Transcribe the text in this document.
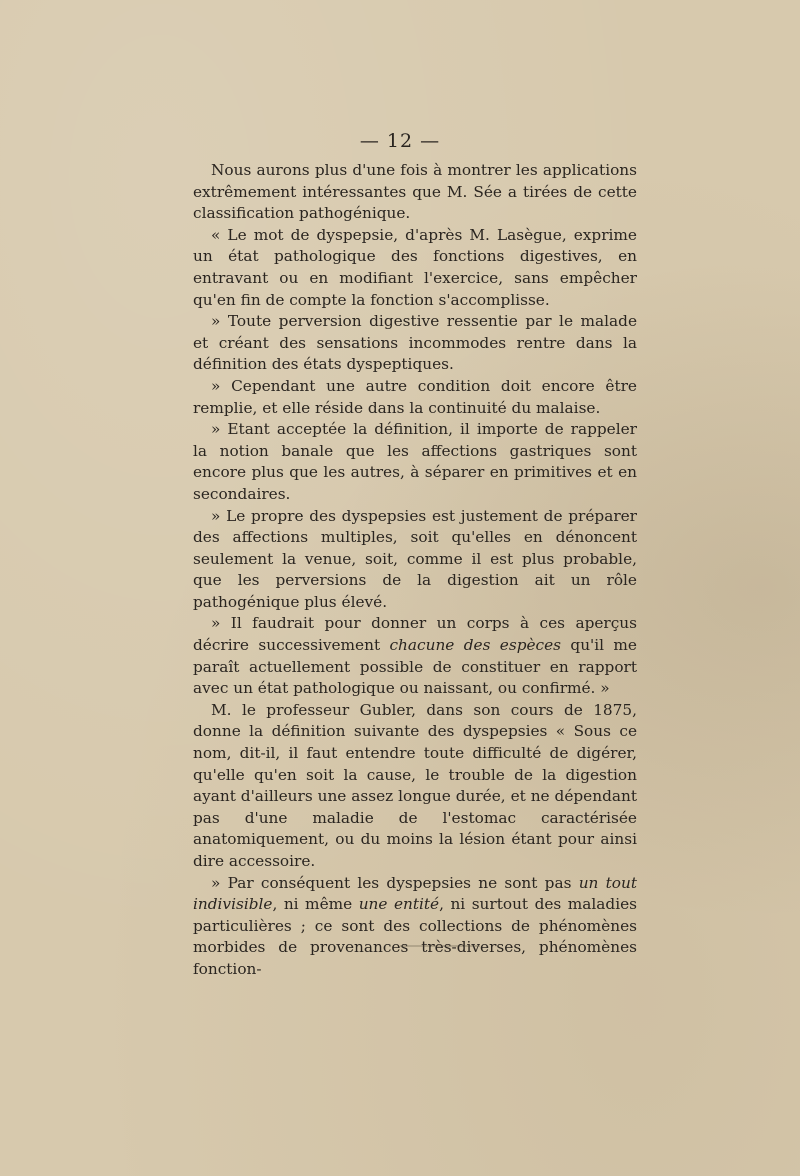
— 12 —

Nous aurons plus d'une fois à montrer les applications extrêmement intéressantes que M. Sée a tirées de cette classification pathogénique.

« Le mot de dyspepsie, d'après M. Lasègue, exprime un état pathologique des fonctions digestives, en entravant ou en modifiant l'exercice, sans empêcher qu'en fin de compte la fonction s'accomplisse.

» Toute perversion digestive ressentie par le malade et créant des sensations incommodes rentre dans la définition des états dyspeptiques.

» Cependant une autre condition doit encore être remplie, et elle réside dans la continuité du malaise.

» Etant acceptée la définition, il importe de rappeler la notion banale que les affections gastriques sont encore plus que les autres, à séparer en primitives et en secondaires.

» Le propre des dyspepsies est justement de préparer des affections multiples, soit qu'elles en dénoncent seulement la venue, soit, comme il est plus probable, que les perversions de la digestion ait un rôle pathogénique plus élevé.

» Il faudrait pour donner un corps à ces aperçus décrire successivement chacune des espèces qu'il me paraît actuellement possible de constituer en rapport avec un état pathologique ou naissant, ou confirmé. »

M. le professeur Gubler, dans son cours de 1875, donne la définition suivante des dyspepsies « Sous ce nom, dit-il, il faut entendre toute difficulté de digérer, qu'elle qu'en soit la cause, le trouble de la digestion ayant d'ailleurs une assez longue durée, et ne dépendant pas d'une maladie de l'estomac caractérisée anatomiquement, ou du moins la lésion étant pour ainsi dire accessoire.

» Par conséquent les dyspepsies ne sont pas un tout indivisible, ni même une entité, ni surtout des maladies particulières ; ce sont des collections de phénomènes morbides de provenances très-diverses, phénomènes fonction-
